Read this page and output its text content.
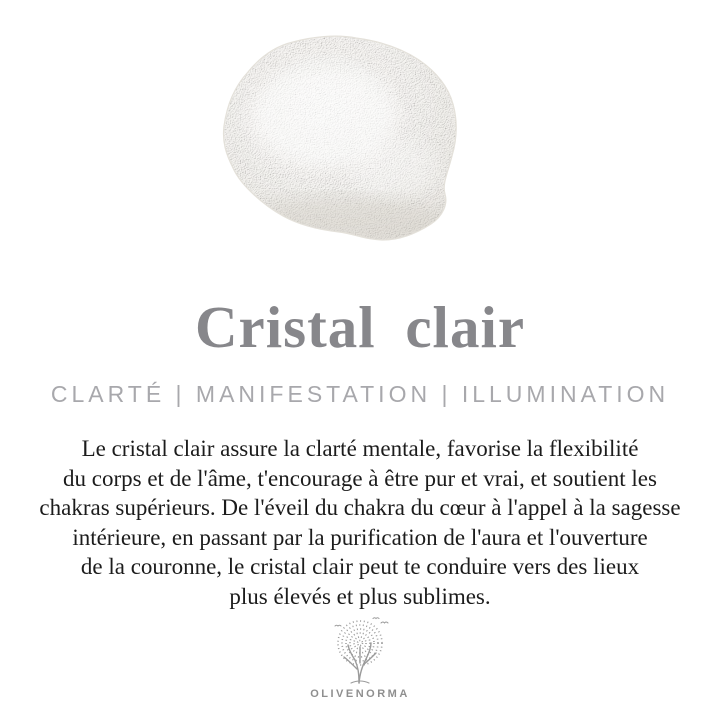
Cristal clair
CLARTÉ | MANIFESTATION | ILLUMINATION
Le cristal clair assure la clarté mentale, favorise la flexibilité
du corps et de l'âme, t'encourage à être pur et vrai, et soutient les
chakras supérieurs. De l'éveil du chakra du cœur à l'appel à la sagesse
intérieure, en passant par la purification de l'aura et l'ouverture
de la couronne, le cristal clair peut te conduire vers des lieux
plus élevés et plus sublimes.
OLIVENORMA
